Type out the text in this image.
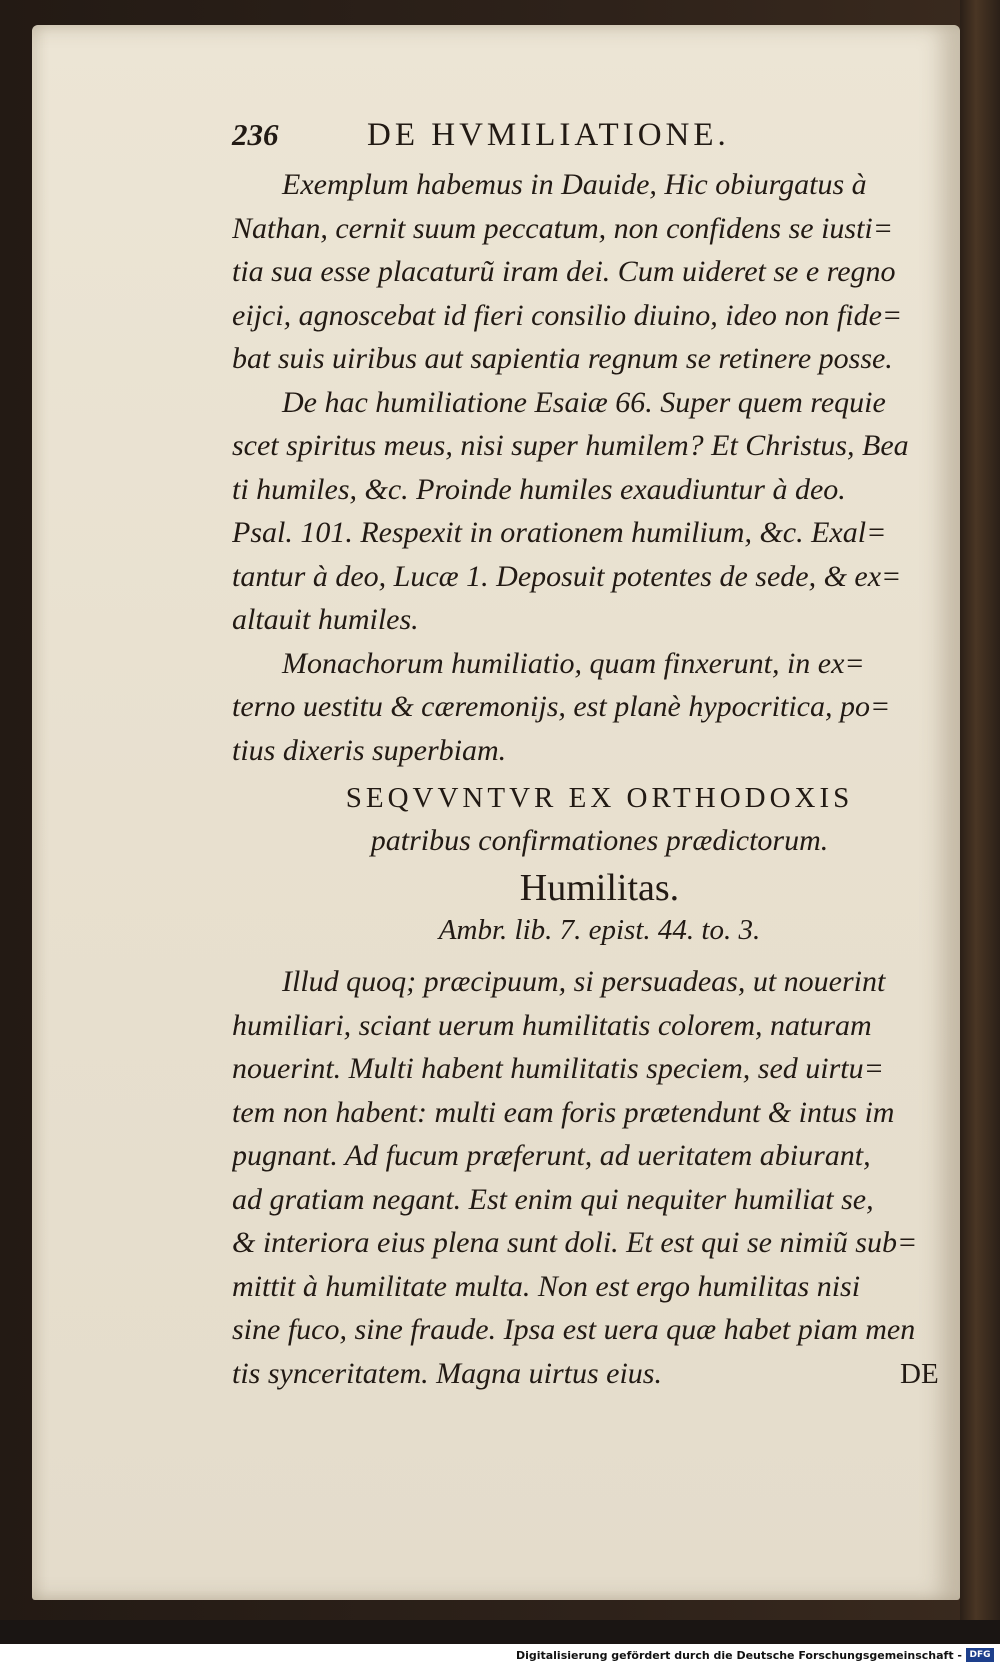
236	DE HVMILIATIONE.
Exemplum habemus in Dauide, Hic obiurgatus à
Nathan, cernit suum peccatum, non confidens se iusti=
tia sua esse placaturũ iram dei. Cum uideret se e regno
eijci, agnoscebat id fieri consilio diuino, ideo non fide=
bat suis uiribus aut sapientia regnum se retinere posse.
De hac humiliatione Esaiæ 66. Super quem requie
scet spiritus meus, nisi super humilem? Et Christus, Bea
ti humiles, &c. Proinde humiles exaudiuntur à deo.
Psal. 101. Respexit in orationem humilium, &c. Exal=
tantur à deo, Lucæ 1. Deposuit potentes de sede, & ex=
altauit humiles.
Monachorum humiliatio, quam finxerunt, in ex=
terno uestitu & cæremonijs, est planè hypocritica, po=
tius dixeris superbiam.
SEQVVNTVR EX ORTHODOXIS
patribus confirmationes prædictorum.
Humilitas.
Ambr. lib. 7. epist. 44. to. 3.
Illud quoq; præcipuum, si persuadeas, ut nouerint
humiliari, sciant uerum humilitatis colorem, naturam
nouerint. Multi habent humilitatis speciem, sed uirtu=
tem non habent: multi eam foris prætendunt & intus im
pugnant. Ad fucum præferunt, ad ueritatem abiurant,
ad gratiam negant. Est enim qui nequiter humiliat se,
& interiora eius plena sunt doli. Et est qui se nimiũ sub=
mittit à humilitate multa. Non est ergo humilitas nisi
sine fuco, sine fraude. Ipsa est uera quæ habet piam men
tis synceritatem. Magna uirtus eius.	DE
Digitalisierung gefördert durch die Deutsche Forschungsgemeinschaft - DFG
